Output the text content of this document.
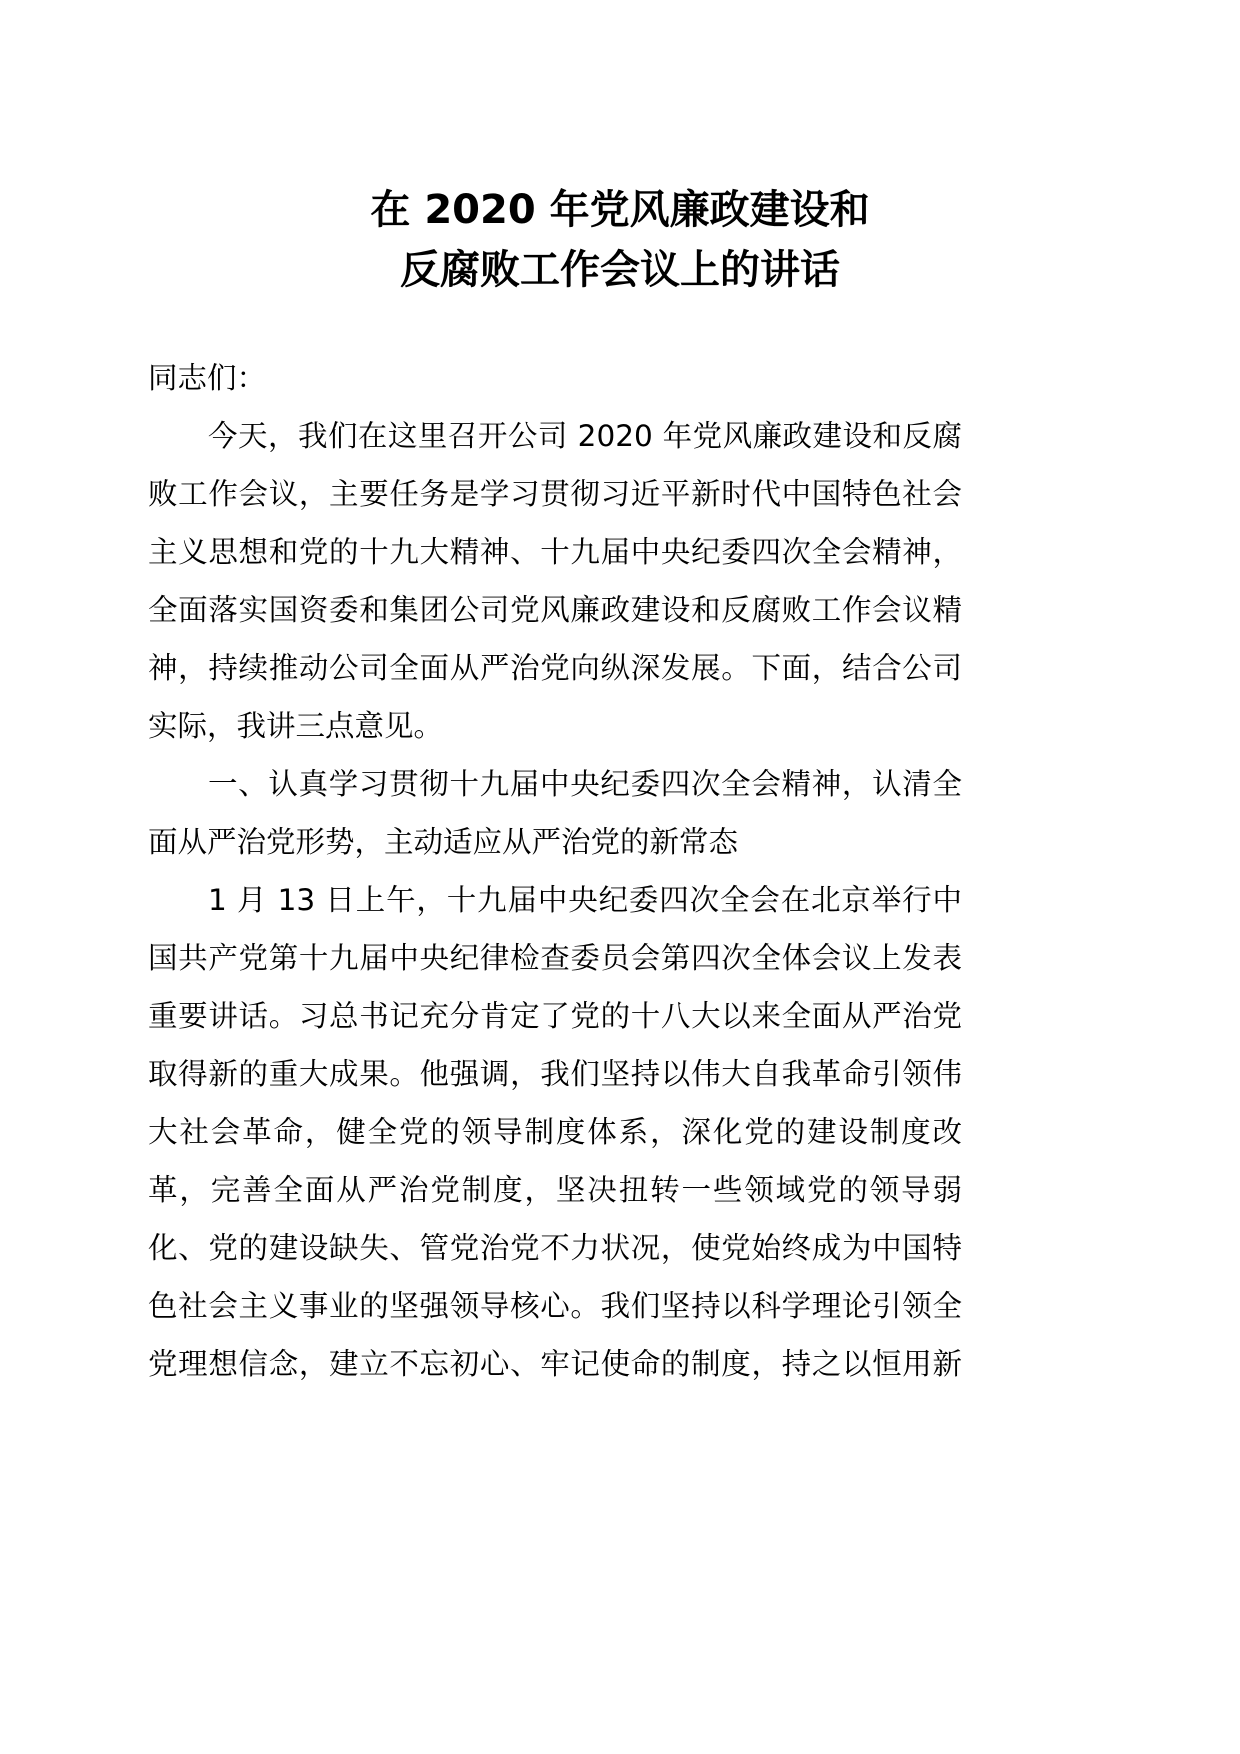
在 2020 年党风廉政建设和
反腐败工作会议上的讲话
同志们：
今天，我们在这里召开公司 2020 年党风廉政建设和反腐
败工作会议，主要任务是学习贯彻习近平新时代中国特色社会
主义思想和党的十九大精神、十九届中央纪委四次全会精神，
全面落实国资委和集团公司党风廉政建设和反腐败工作会议精
神，持续推动公司全面从严治党向纵深发展。下面，结合公司
实际，我讲三点意见。
一、认真学习贯彻十九届中央纪委四次全会精神，认清全
面从严治党形势，主动适应从严治党的新常态
1 月 13 日上午，十九届中央纪委四次全会在北京举行中
国共产党第十九届中央纪律检查委员会第四次全体会议上发表
重要讲话。习总书记充分肯定了党的十八大以来全面从严治党
取得新的重大成果。他强调，我们坚持以伟大自我革命引领伟
大社会革命，健全党的领导制度体系，深化党的建设制度改
革，完善全面从严治党制度，坚决扭转一些领域党的领导弱
化、党的建设缺失、管党治党不力状况，使党始终成为中国特
色社会主义事业的坚强领导核心。我们坚持以科学理论引领全
党理想信念，建立不忘初心、牢记使命的制度，持之以恒用新
